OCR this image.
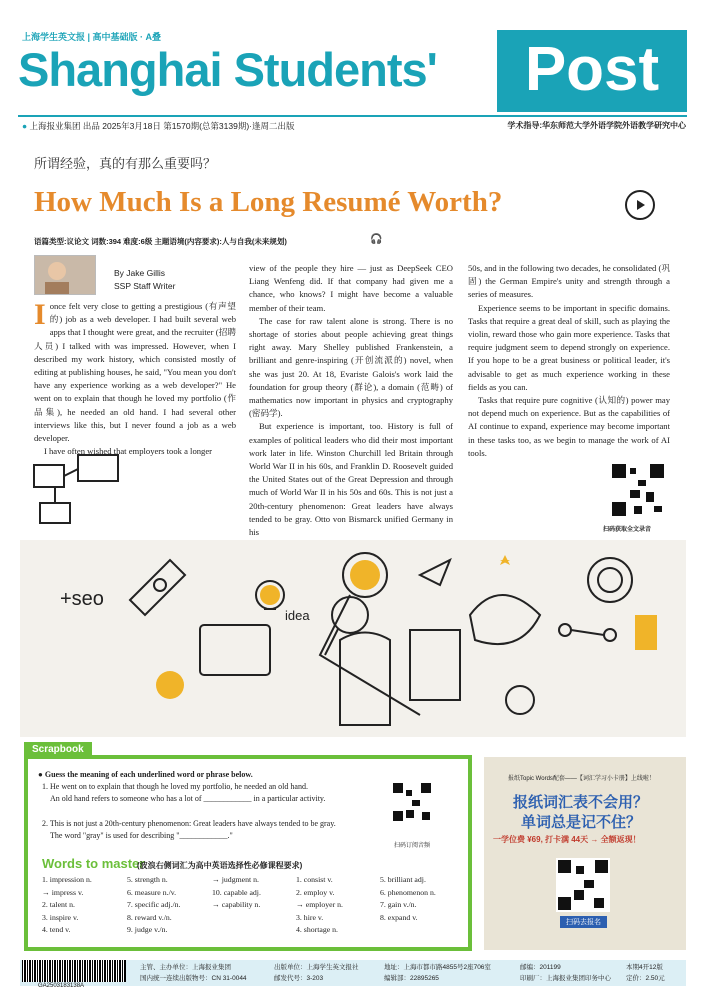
上海学生英文报 | 高中基础版 · A叠
Shanghai Students'	Post
● 上海报业集团 出品 2025年3月18日 第1570期(总第3139期)·逢周二出版	学术指导:华东师范大学外语学院外语教学研究中心
所谓经验，真的有那么重要吗？
How Much Is a Long Resumé Worth?
语篇类型:议论文 词数:394 难度:6级 主题语境(内容要求):人与自我(未来规划)	🎧
By Jake Gillis
SSP Staff Writer

Ionce felt very close to getting a prestigious (有声望的) job as a web developer. I had built several web apps that I thought were great, and the recruiter (招聘人员) I talked with was impressed. However, when I described my work history, which consisted mostly of editing at publishing houses, he said, "You mean you don't have any experience working as a web developer?" He went on to explain that though he loved my portfolio (作品集), he needed an old hand. I had several other interviews like this, but I never found a job as a web developer.

I have often wished that employers took a longer

view of the people they hire — just as DeepSeek CEO Liang Wenfeng did. If that company had given me a chance, who knows? I might have become a valuable member of their team.

The case for raw talent alone is strong. There is no shortage of stories about people achieving great things right away. Mary Shelley published Frankenstein, a brilliant and genre-inspiring (开创流派的) novel, when she was just 20. At 18, Evariste Galois's work laid the foundation for group theory (群论), a domain (范畴) of mathematics now important in physics and cryptography (密码学).

But experience is important, too. History is full of examples of political leaders who did their most important work later in life. Winston Churchill led Britain through World War II in his 60s, and Franklin D. Roosevelt guided the United States out of the Great Depression and through much of World War II in his 50s and 60s. This is not just a 20th-century phenomenon: Great leaders have always tended to be gray. Otto von Bismarck unified Germany in his

50s, and in the following two decades, he consolidated (巩固) the German Empire's unity and strength through a series of measures.

Experience seems to be important in specific domains. Tasks that require a great deal of skill, such as playing the violin, reward those who gain more experience. Tasks that require judgment seem to depend strongly on experience. If you hope to be a great business or political leader, it's advisable to get as much experience working in these fields as you can.

Tasks that require pure cognitive (认知的) power may not depend much on experience. But as the capabilities of AI continue to expand, experience may become important in these tasks too, as we begin to manage the work of AI tools.

扫码获取全文录音
+seo
idea
Scrapbook
● Guess the meaning of each underlined word or phrase below.
1. He went on to explain that though he loved my portfolio, he needed an old hand.
An old hand refers to someone who has a lot of ____________ in a particular activity.
2. This is not just a 20th-century phenomenon: Great leaders have always tended to be gray.
The word "gray" is used for describing "____________."
扫码订阅音频
Words to master
(波浪右侧词汇为高中英语选择性必修课程要求)
1. impression n.
→ impress v.
2. talent n.
3. inspire v.
4. tend v.
5. strength n.
6. measure n./v.
7. specific adj./n.
8. reward v./n.
9. judge v./n.
→ judgment n.
10. capable adj.
→ capability n.
1. consist v.
2. employ v.
→ employer n.
3. hire v.
4. shortage n.
5. brilliant adj.
6. phenomenon n.
7. gain v./n.
8. expand v.
报纸Topic Words配套——【词汇学习小卡册】上线啦！
报纸词汇表不会用？
单词总是记不住？
一学位费 ¥69, 打卡满 44天 → 全额返现！
扫码去报名
GA2503183138A
主管、主办单位：上海报业集团
国内统一连续出版物号：CN 31-0044
出版单位：上海学生英文报社
邮发代号：3-203
地址：上海市都市路4855号2座706室
编辑部：22895265
邮编：201199
印刷厂：上海报业集团印务中心
本期4开12版
定价：2.50元
